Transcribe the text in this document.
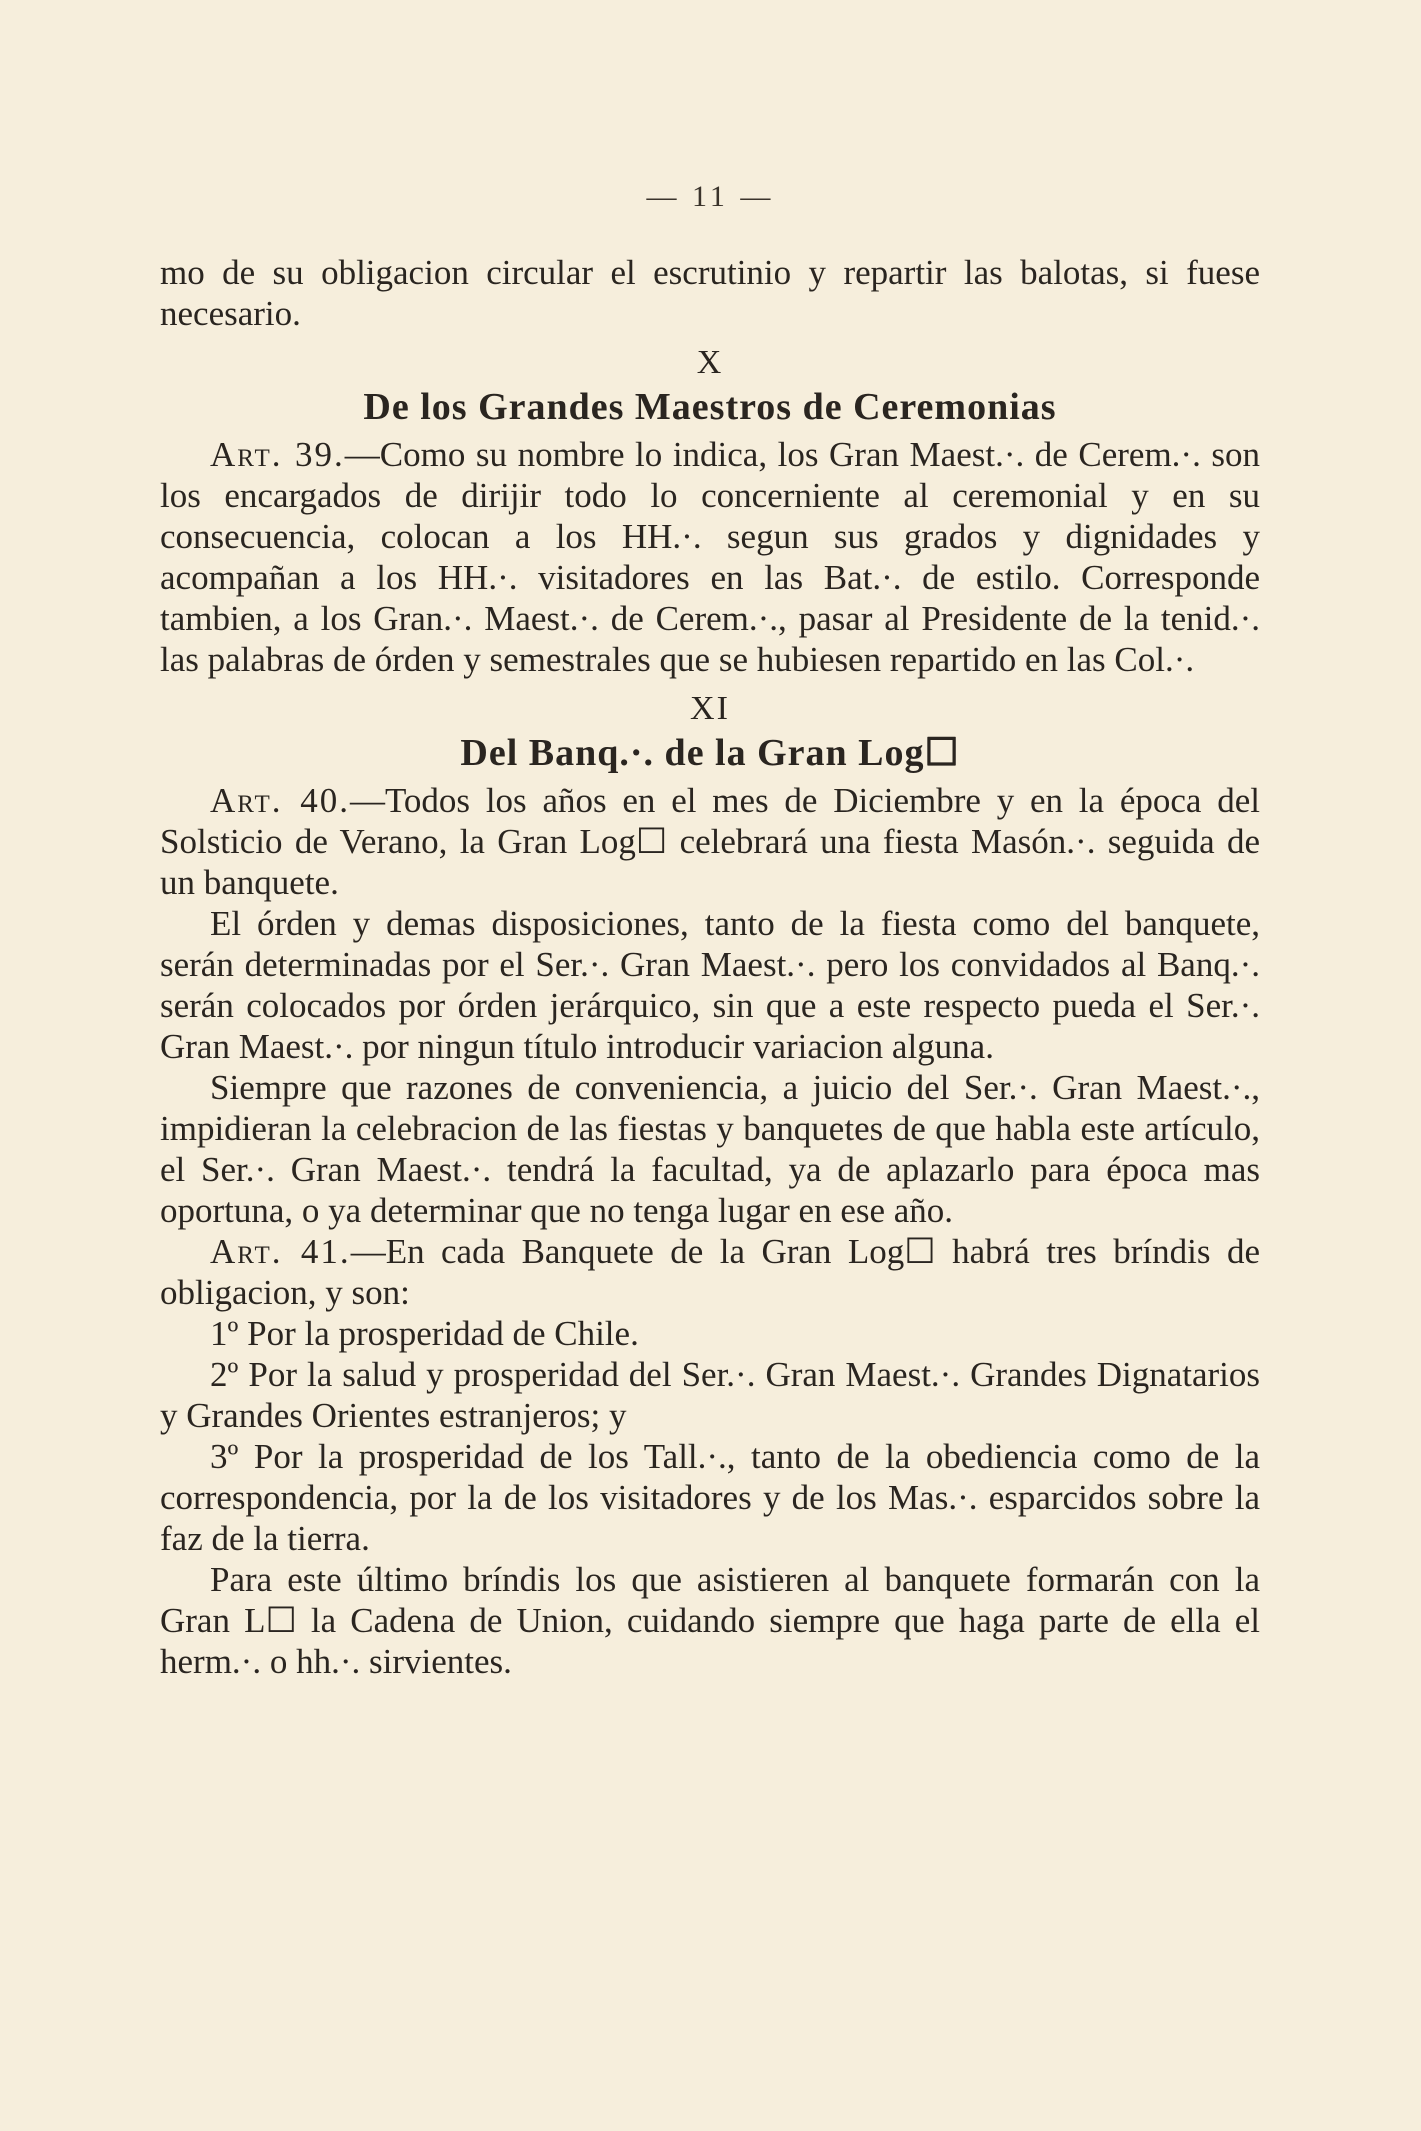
— 11 —

mo de su obligacion circular el escrutinio y repartir las balotas, si fuese necesario.

X

De los Grandes Maestros de Ceremonias

Art. 39.—Como su nombre lo indica, los Gran Maest.·. de Cerem.·. son los encargados de dirijir todo lo concerniente al ceremonial y en su consecuencia, colocan a los HH.·. segun sus grados y dignidades y acompañan a los HH.·. visitadores en las Bat.·. de estilo. Corresponde tambien, a los Gran.·. Maest.·. de Cerem.·., pasar al Presidente de la tenid.·. las palabras de órden y semestrales que se hubiesen repartido en las Col.·.

XI

Del Banq.·. de la Gran Log☐

Art. 40.—Todos los años en el mes de Diciembre y en la época del Solsticio de Verano, la Gran Log☐ celebrará una fiesta Masón.·. seguida de un banquete.

El órden y demas disposiciones, tanto de la fiesta como del banquete, serán determinadas por el Ser.·. Gran Maest.·. pero los convidados al Banq.·. serán colocados por órden jerárquico, sin que a este respecto pueda el Ser.·. Gran Maest.·. por ningun título introducir variacion alguna.

Siempre que razones de conveniencia, a juicio del Ser.·. Gran Maest.·., impidieran la celebracion de las fiestas y banquetes de que habla este artículo, el Ser.·. Gran Maest.·. tendrá la facultad, ya de aplazarlo para época mas oportuna, o ya determinar que no tenga lugar en ese año.

Art. 41.—En cada Banquete de la Gran Log☐ habrá tres bríndis de obligacion, y son:

1º Por la prosperidad de Chile.

2º Por la salud y prosperidad del Ser.·. Gran Maest.·. Grandes Dignatarios y Grandes Orientes estranjeros; y

3º Por la prosperidad de los Tall.·., tanto de la obediencia como de la correspondencia, por la de los visitadores y de los Mas.·. esparcidos sobre la faz de la tierra.

Para este último bríndis los que asistieren al banquete formarán con la Gran L☐ la Cadena de Union, cuidando siempre que haga parte de ella el herm.·. o hh.·. sirvientes.
